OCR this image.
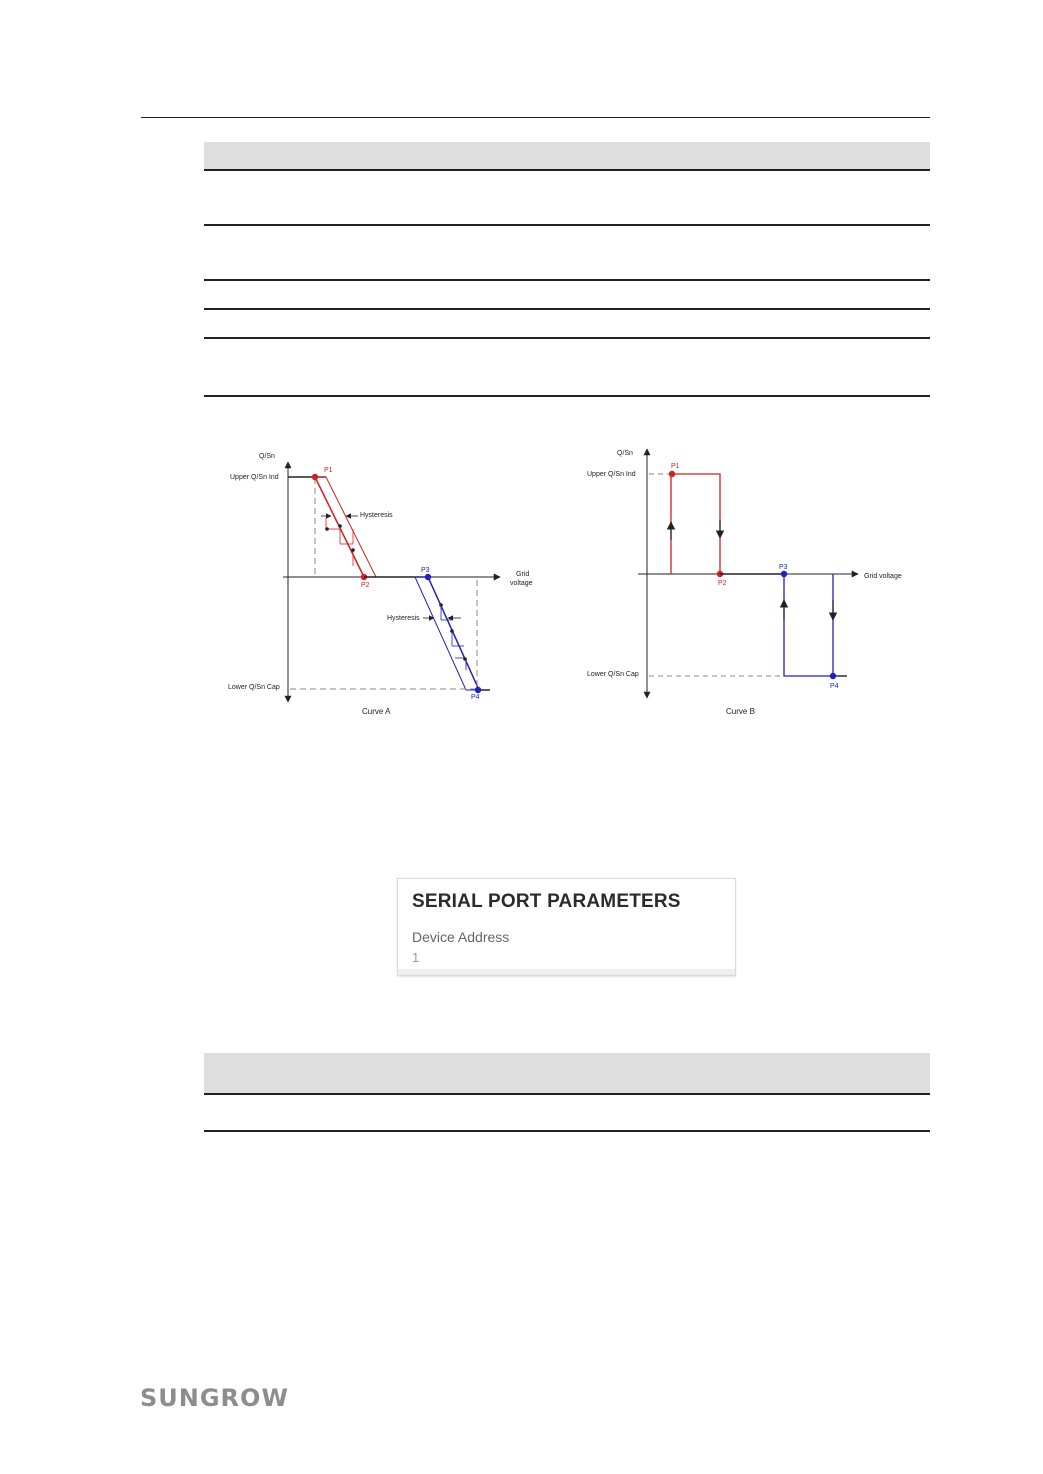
Q/Sn
Grid
voltage
Upper Q/Sn Ind
Lower Q/Sn Cap
Hysteresis
P1
P2
Hysteresis
P3
P4
Curve A
Q/Sn
Grid voltage
Upper Q/Sn Ind
Lower Q/Sn Cap
P1
P2
P3
P4
Curve B
SERIAL PORT PARAMETERS
Device Address
1
SUNGROW
